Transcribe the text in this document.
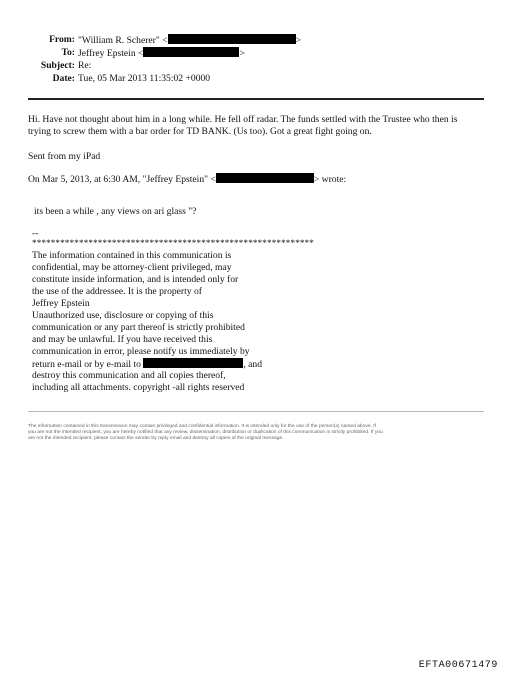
From: "William R. Scherer" <	>
To: Jeffrey Epstein <	>
Subject: Re:
Date: Tue, 05 Mar 2013 11:35:02 +0000
Hi. Have not thought about him in a long while. He fell off radar. The funds settled with the Trustee who then is
trying to screw them with a bar order for TD BANK. (Us too). Got a great fight going on.
Sent from my iPad
On Mar 5, 2013, at 6:30 AM, "Jeffrey Epstein" <	> wrote:
its been a while , any views on ari glass "?
--
************************************************************
The information contained in this communication is
confidential, may be attorney-client privileged, may
constitute inside information, and is intended only for
the use of the addressee. It is the property of
Jeffrey Epstein
Unauthorized use, disclosure or copying of this
communication or any part thereof is strictly prohibited
and may be unlawful. If you have received this
communication in error, please notify us immediately by
return e-mail or by e-mail to	, and
destroy this communication and all copies thereof,
including all attachments. copyright -all rights reserved
The information contained in this transmission may contain privileged and confidential information. It is intended only for the use of the person(s) named above. If
you are not the intended recipient, you are hereby notified that any review, dissemination, distribution or duplication of this communication is strictly prohibited. If you
are not the intended recipient, please contact the sender by reply email and destroy all copies of the original message.
EFTA00671479
